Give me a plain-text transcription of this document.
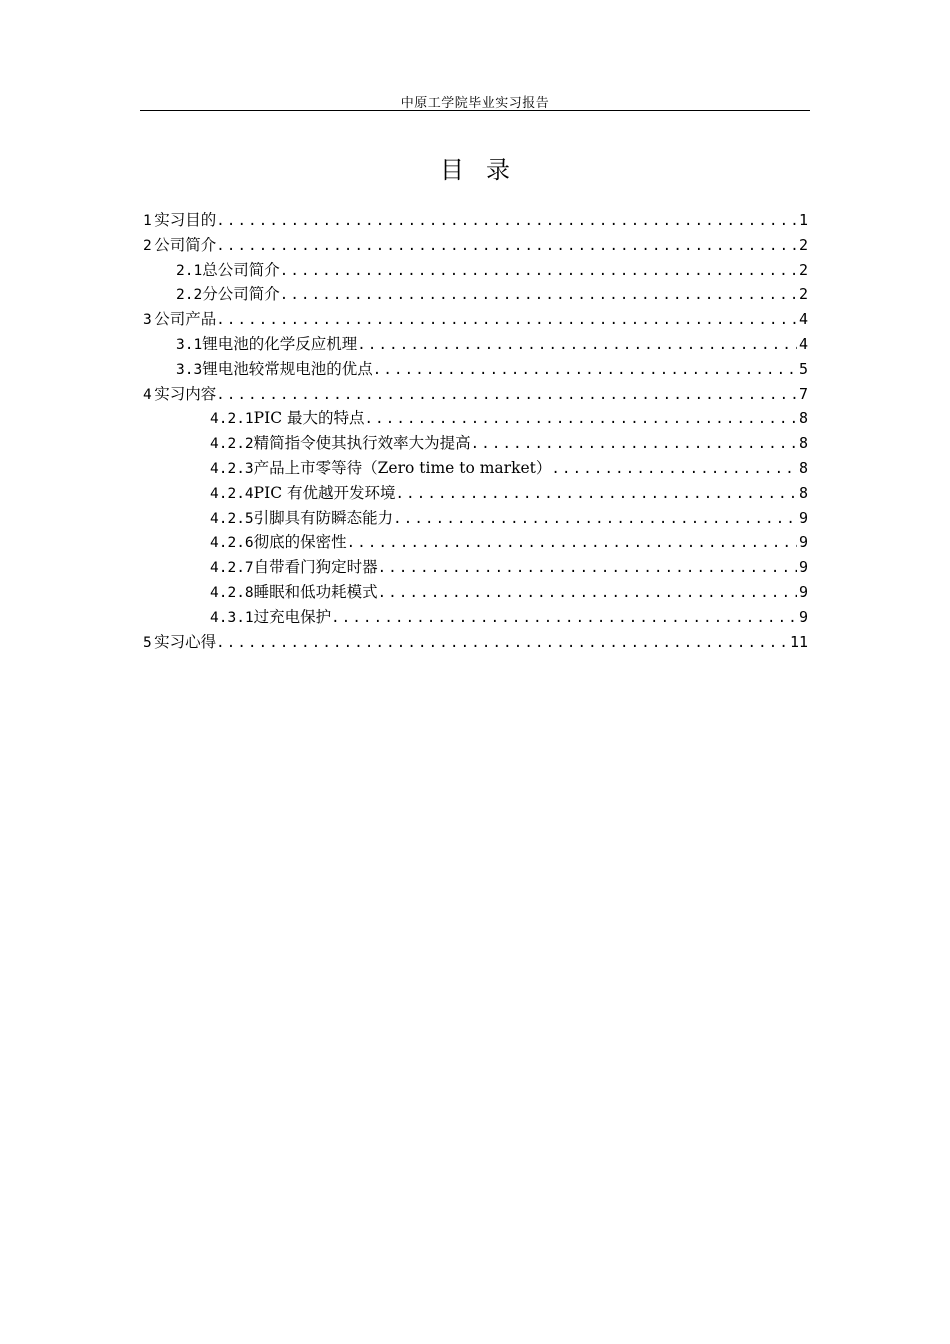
中原工学院毕业实习报告
目录
1 实习目的 .....	1
2 公司简介 .....	2
2.1 总公司简介 .....	2
2.2 分公司简介 .....	2
3 公司产品 .....	4
3.1 锂电池的化学反应机理 .....	4
3.3 锂电池较常规电池的优点 .....	5
4 实习内容 .....	7
4.2.1 PIC 最大的特点 .....	8
4.2.2 精简指令使其执行效率大为提高 .....	8
4.2.3 产品上市零等待（Zero time to market） .....	8
4.2.4 PIC 有优越开发环境 .....	8
4.2.5 引脚具有防瞬态能力 .....	9
4.2.6 彻底的保密性 .....	9
4.2.7 自带看门狗定时器 .....	9
4.2.8 睡眠和低功耗模式 .....	9
4.3.1 过充电保护 .....	9
5 实习心得 .....	11
